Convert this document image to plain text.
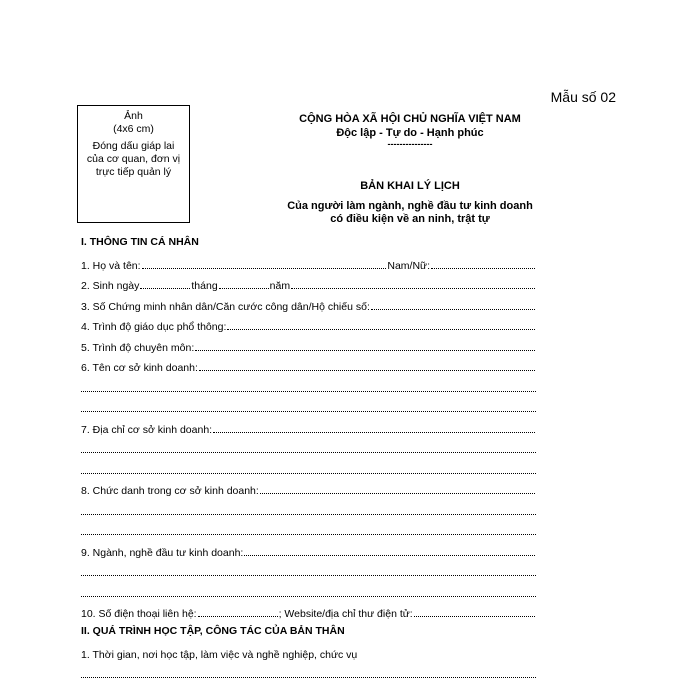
Mẫu số 02
Ảnh
(4x6 cm)
Đóng dấu giáp lai của cơ quan, đơn vị trực tiếp quản lý
CỘNG HÒA XÃ HỘI CHỦ NGHĨA VIỆT NAM
Độc lập - Tự do - Hạnh phúc
---------------
BẢN KHAI LÝ LỊCH
Của người làm ngành, nghề đầu tư kinh doanh
có điều kiện về an ninh, trật tự
I. THÔNG TIN CÁ NHÂN
1. Họ và tên:	Nam/Nữ:
2. Sinh ngày	tháng	năm
3. Số Chứng minh nhân dân/Căn cước công dân/Hộ chiếu số:
4. Trình độ giáo dục phổ thông:
5. Trình độ chuyên môn:
6. Tên cơ sở kinh doanh:
7. Địa chỉ cơ sở kinh doanh:
8. Chức danh trong cơ sở kinh doanh:
9. Ngành, nghề đầu tư kinh doanh:
10. Số điện thoại liên hệ:	; Website/địa chỉ thư điện tử:
II. QUÁ TRÌNH HỌC TẬP, CÔNG TÁC CỦA BẢN THÂN
1. Thời gian, nơi học tập, làm việc và nghề nghiệp, chức vụ
